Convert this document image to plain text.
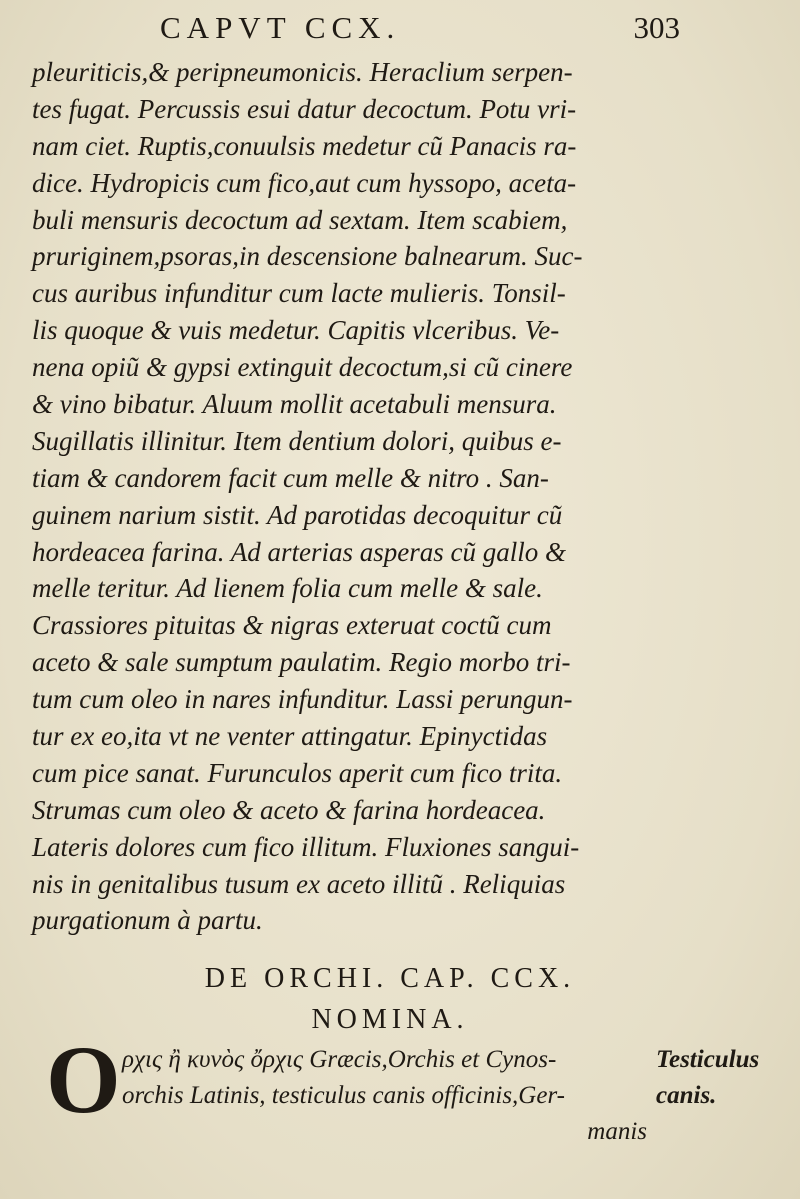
CAPVT CCX.	303
pleuriticis,& peripneumonicis. Heraclium serpen-
tes fugat. Percussis esui datur decoctum. Potu vri-
nam ciet. Ruptis,conuulsis medetur cũ Panacis ra-
dice. Hydropicis cum fico,aut cum hyssopo, aceta-
buli mensuris decoctum ad sextam. Item scabiem,
pruriginem,psoras,in descensione balnearum. Suc-
cus auribus infunditur cum lacte mulieris. Tonsil-
lis quoque & vuis medetur. Capitis vlceribus. Ve-
nena opiũ & gypsi extinguit decoctum,si cũ cinere
& vino bibatur. Aluum mollit acetabuli mensura.
Sugillatis illinitur. Item dentium dolori, quibus e-
tiam & candorem facit cum melle & nitro . San-
guinem narium sistit. Ad parotidas decoquitur cũ
hordeacea farina. Ad arterias asperas cũ gallo &
melle teritur. Ad lienem folia cum melle & sale.
Crassiores pituitas & nigras exteruat coctũ cum
aceto & sale sumptum paulatim. Regio morbo tri-
tum cum oleo in nares infunditur. Lassi perungun-
tur ex eo,ita vt ne venter attingatur. Epinyctidas
cum pice sanat. Furunculos aperit cum fico trita.
Strumas cum oleo & aceto & farina hordeacea.
Lateris dolores cum fico illitum. Fluxiones sangui-
nis in genitalibus tusum ex aceto illitũ . Reliquias
purgationum à partu.
DE ORCHI. CAP. CCX.
NOMINA.
O ρχις ἢ κυνὸς ὄρχις Græcis,Orchis et Cynos-
orchis Latinis, testiculus canis officinis,Ger-
manis
Testiculus
canis.
